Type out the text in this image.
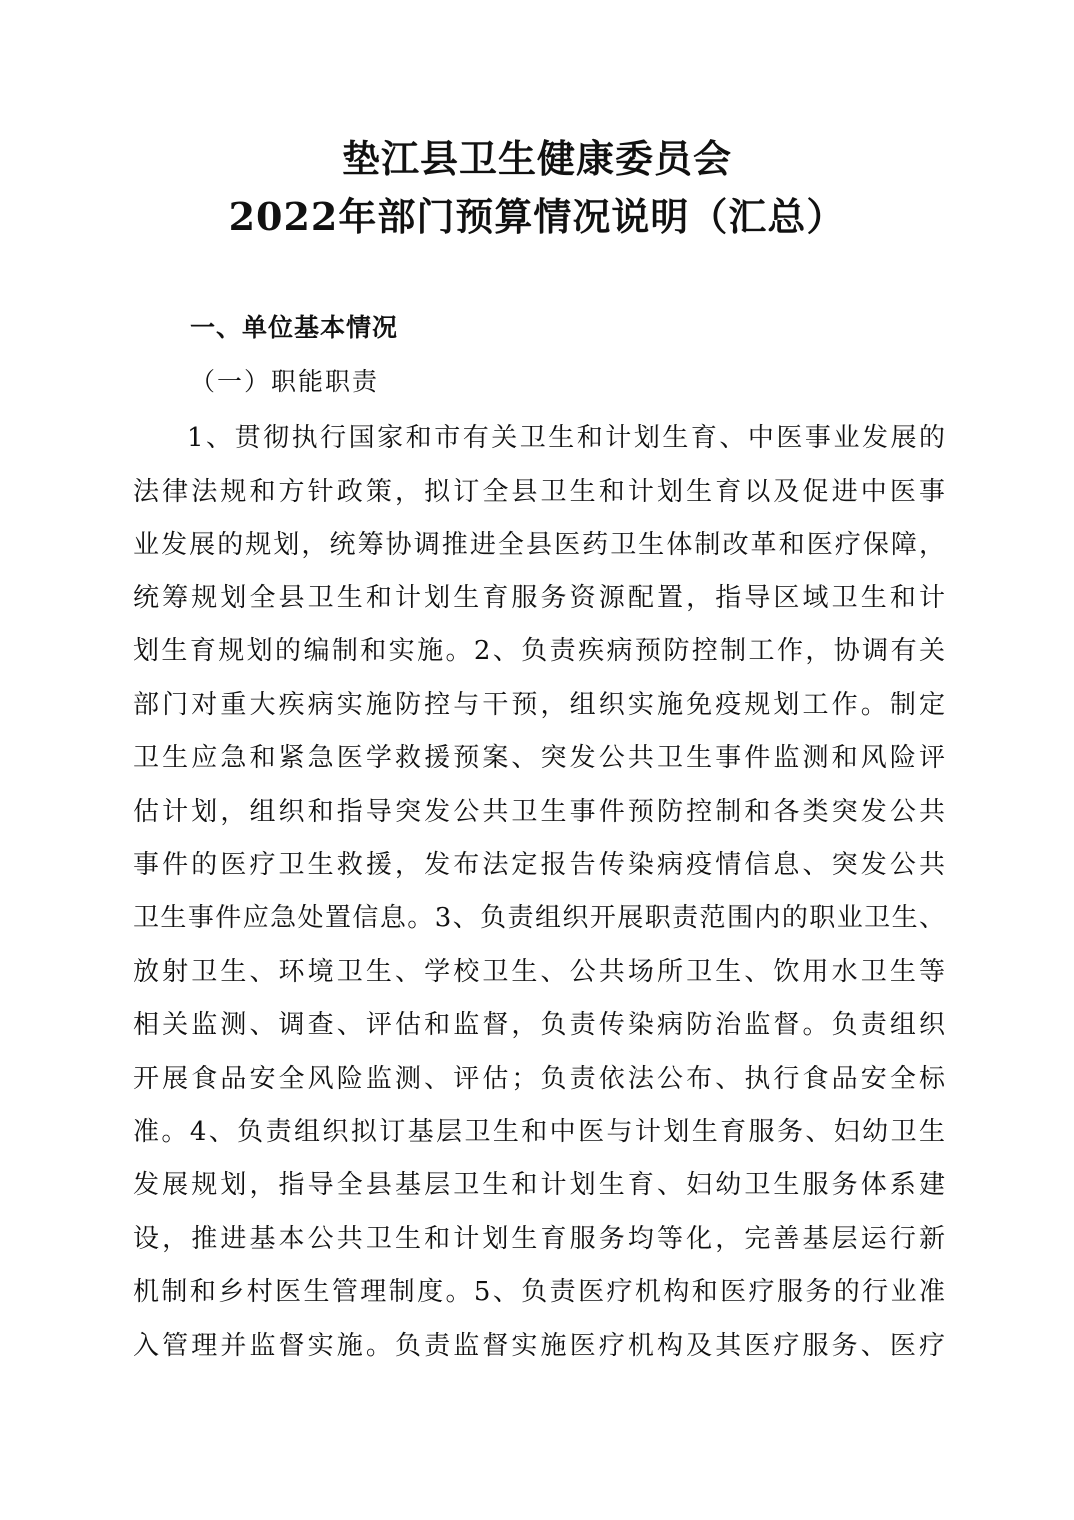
垫江县卫生健康委员会
2022年部门预算情况说明（汇总）
一、单位基本情况
（一）职能职责
1、贯彻执行国家和市有关卫生和计划生育、中医事业发展的
法律法规和方针政策，拟订全县卫生和计划生育以及促进中医事
业发展的规划，统筹协调推进全县医药卫生体制改革和医疗保障，
统筹规划全县卫生和计划生育服务资源配置，指导区域卫生和计
划生育规划的编制和实施。2、负责疾病预防控制工作，协调有关
部门对重大疾病实施防控与干预，组织实施免疫规划工作。制定
卫生应急和紧急医学救援预案、突发公共卫生事件监测和风险评
估计划，组织和指导突发公共卫生事件预防控制和各类突发公共
事件的医疗卫生救援，发布法定报告传染病疫情信息、突发公共
卫生事件应急处置信息。3、负责组织开展职责范围内的职业卫生、
放射卫生、环境卫生、学校卫生、公共场所卫生、饮用水卫生等
相关监测、调查、评估和监督，负责传染病防治监督。负责组织
开展食品安全风险监测、评估；负责依法公布、执行食品安全标
准。4、负责组织拟订基层卫生和中医与计划生育服务、妇幼卫生
发展规划，指导全县基层卫生和计划生育、妇幼卫生服务体系建
设，推进基本公共卫生和计划生育服务均等化，完善基层运行新
机制和乡村医生管理制度。5、负责医疗机构和医疗服务的行业准
入管理并监督实施。负责监督实施医疗机构及其医疗服务、医疗
